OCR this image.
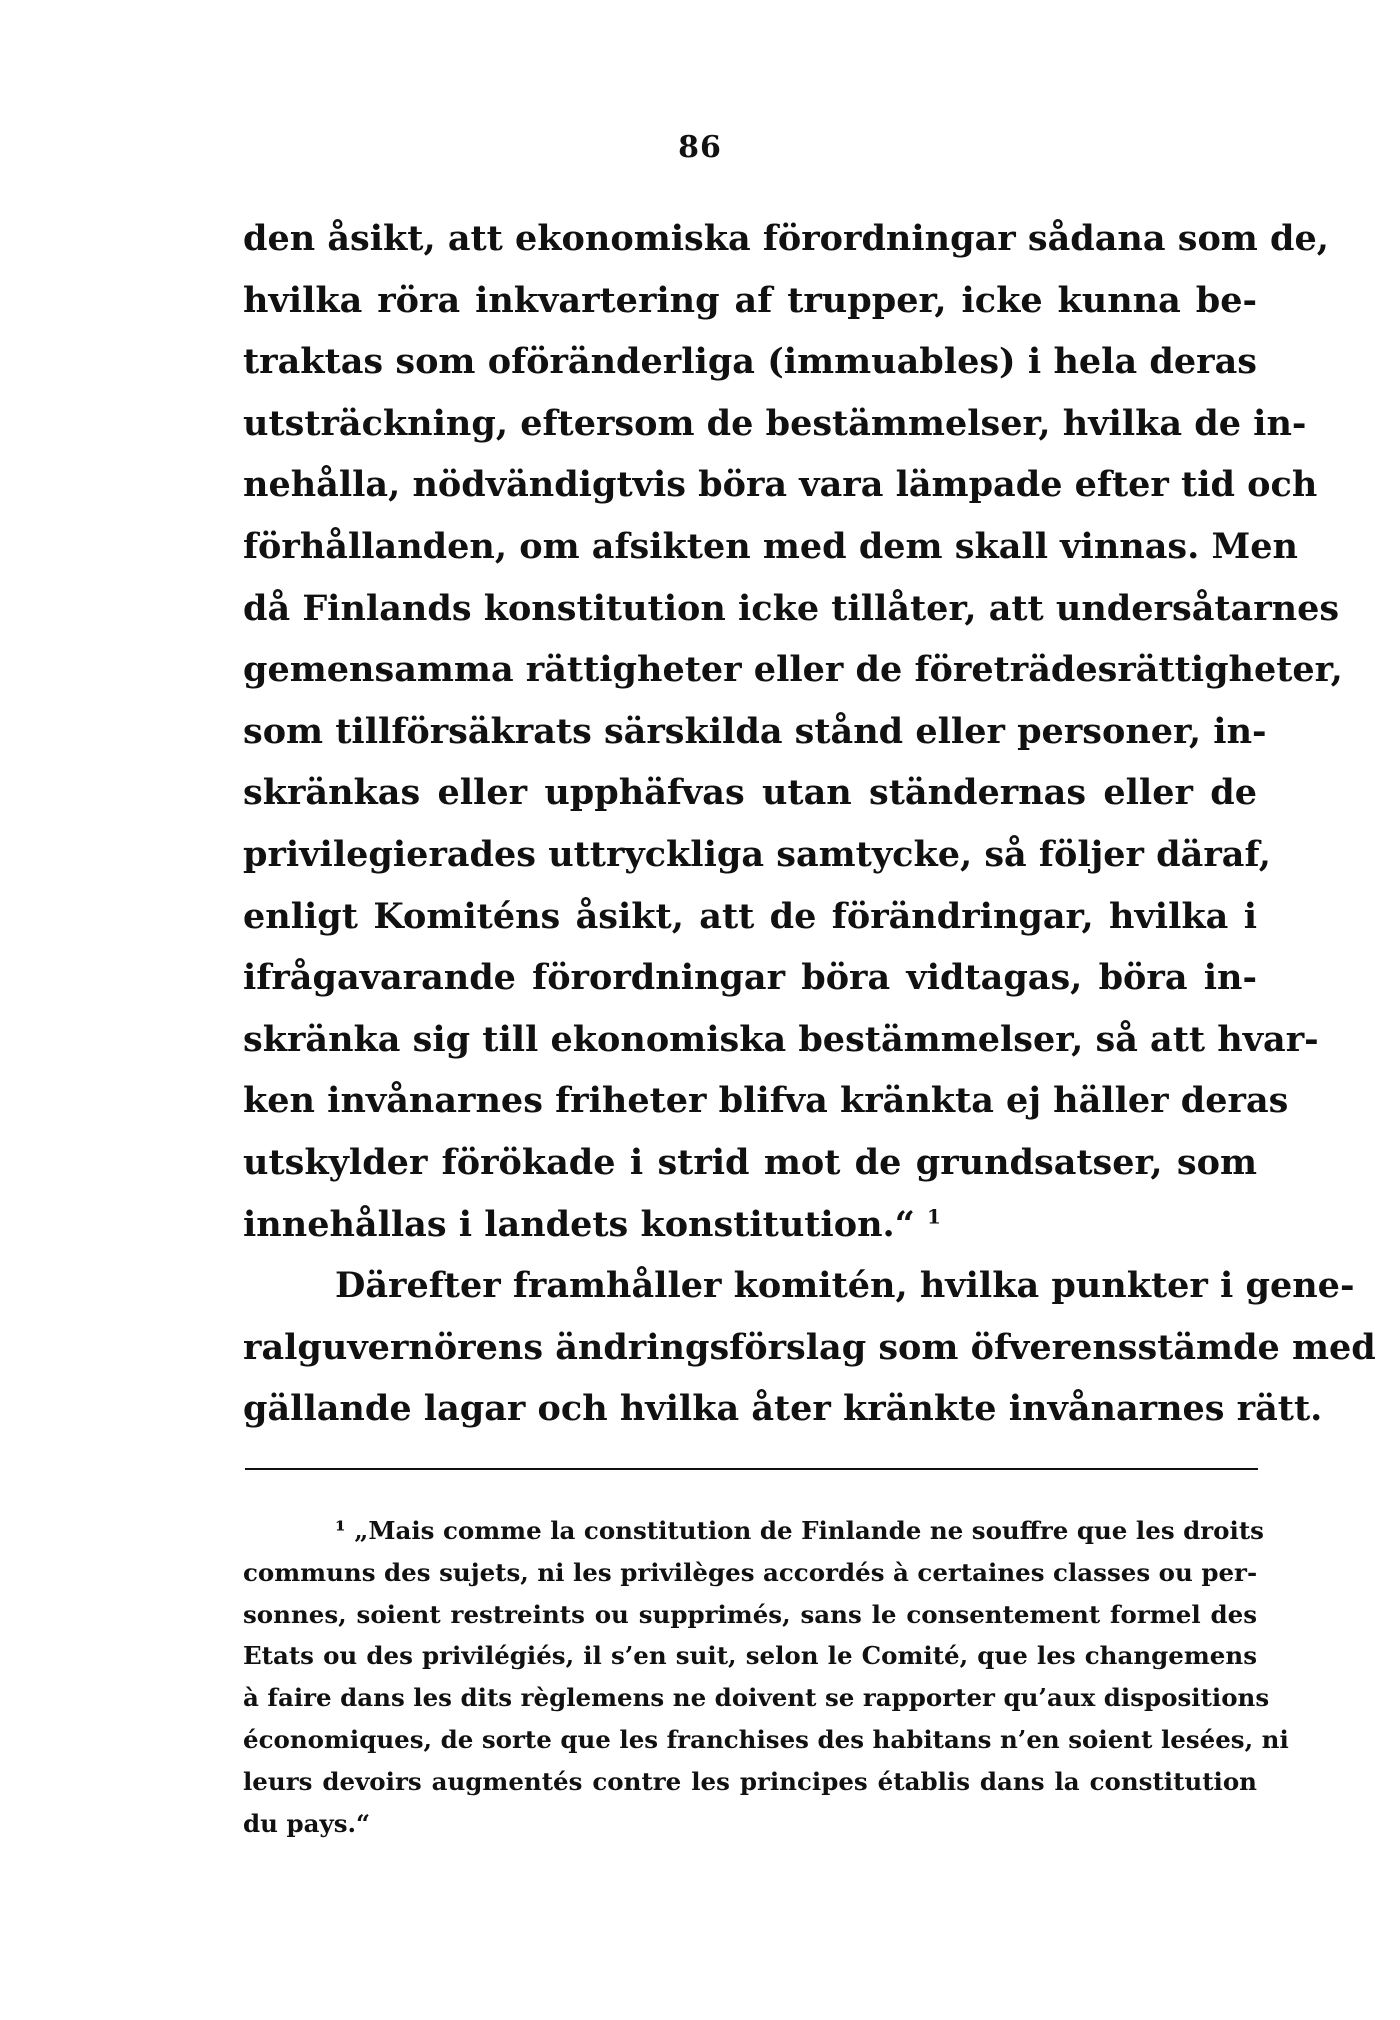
86
den åsikt, att ekonomiska förordningar sådana som de,
hvilka röra inkvartering af trupper, icke kunna be-
traktas som oföränderliga (immuables) i hela deras
utsträckning, eftersom de bestämmelser, hvilka de in-
nehålla, nödvändigtvis böra vara lämpade efter tid och
förhållanden, om afsikten med dem skall vinnas. Men
då Finlands konstitution icke tillåter, att undersåtarnes
gemensamma rättigheter eller de företrädesrättigheter,
som tillförsäkrats särskilda stånd eller personer, in-
skränkas eller upphäfvas utan ständernas eller de
privilegierades uttryckliga samtycke, så följer däraf,
enligt Komiténs åsikt, att de förändringar, hvilka i
ifrågavarande förordningar böra vidtagas, böra in-
skränka sig till ekonomiska bestämmelser, så att hvar-
ken invånarnes friheter blifva kränkta ej häller deras
utskylder förökade i strid mot de grundsatser, som
innehållas i landets konstitution.“ $^1$
Därefter framhåller komitén, hvilka punkter i gene-
ralguvernörens ändringsförslag som öfverensstämde med
gällande lagar och hvilka åter kränkte invånarnes rätt.
¹ „Mais comme la constitution de Finlande ne souffre que les droits
communs des sujets, ni les privilèges accordés à certaines classes ou per-
sonnes, soient restreints ou supprimés, sans le consentement formel des
Etats ou des privilégiés, il s’en suit, selon le Comité, que les changemens
à faire dans les dits règlemens ne doivent se rapporter qu’aux dispositions
économiques, de sorte que les franchises des habitans n’en soient lesées, ni
leurs devoirs augmentés contre les principes établis dans la constitution
du pays.“
